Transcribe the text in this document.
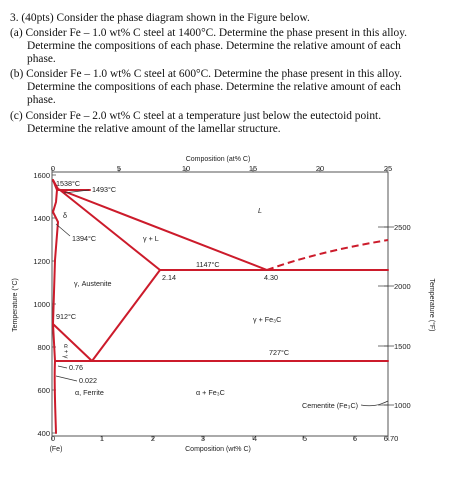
3. (40pts) Consider the phase diagram shown in the Figure below.
(a) Consider Fe – 1.0 wt% C steel at 1400°C. Determine the phase present in this alloy.
Determine the compositions of each phase. Determine the relative amount of each
phase.
(b) Consider Fe – 1.0 wt% C steel at 600°C. Determine the phase present in this alloy.
Determine the compositions of each phase. Determine the relative amount of each
phase.
(c) Consider Fe – 2.0 wt% C steel at a temperature just below the eutectoid point.
Determine the relative amount of the lamellar structure.
Composition (at% C)
0	5	10	15	20	25
1600
1400
1200
1000
800
600
400
Temperature (°C)
2500
2000
1500
1000
Temperature (°F)
0	1	2	3	4	5	6	6.70
(Fe)	Composition (wt% C)
1538°C
1493°C
δ
1394°C	γ + L
L
1147°C
2.14	4.30
γ, Austenite
912°C	γ + Fe₃C
727°C
α + γ
0.76
0.022
α, Ferrite	α + Fe₃C
Cementite (Fe₃C)
